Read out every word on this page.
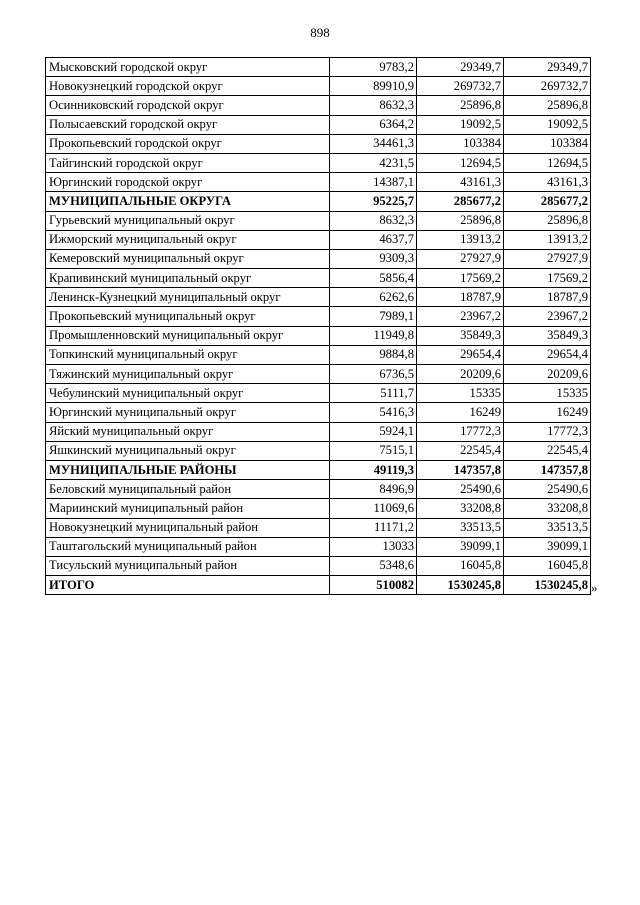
898
Мысковский городской округ	9783,2	29349,7	29349,7
Новокузнецкий городской округ	89910,9	269732,7	269732,7
Осинниковский городской округ	8632,3	25896,8	25896,8
Полысаевский городской округ	6364,2	19092,5	19092,5
Прокопьевский городской округ	34461,3	103384	103384
Тайгинский городской округ	4231,5	12694,5	12694,5
Юргинский городской округ	14387,1	43161,3	43161,3
МУНИЦИПАЛЬНЫЕ ОКРУГА	95225,7	285677,2	285677,2
Гурьевский муниципальный округ	8632,3	25896,8	25896,8
Ижморский муниципальный округ	4637,7	13913,2	13913,2
Кемеровский муниципальный округ	9309,3	27927,9	27927,9
Крапивинский муниципальный округ	5856,4	17569,2	17569,2
Ленинск-Кузнецкий муниципальный округ	6262,6	18787,9	18787,9
Прокопьевский муниципальный округ	7989,1	23967,2	23967,2
Промышленновский муниципальный округ	11949,8	35849,3	35849,3
Топкинский муниципальный округ	9884,8	29654,4	29654,4
Тяжинский муниципальный округ	6736,5	20209,6	20209,6
Чебулинский муниципальный округ	5111,7	15335	15335
Юргинский муниципальный округ	5416,3	16249	16249
Яйский муниципальный округ	5924,1	17772,3	17772,3
Яшкинский муниципальный округ	7515,1	22545,4	22545,4
МУНИЦИПАЛЬНЫЕ РАЙОНЫ	49119,3	147357,8	147357,8
Беловский муниципальный район	8496,9	25490,6	25490,6
Мариинский муниципальный район	11069,6	33208,8	33208,8
Новокузнецкий муниципальный район	11171,2	33513,5	33513,5
Таштагольский муниципальный район	13033	39099,1	39099,1
Тисульский муниципальный район	5348,6	16045,8	16045,8
ИТОГО	510082	1530245,8	1530245,8 »
